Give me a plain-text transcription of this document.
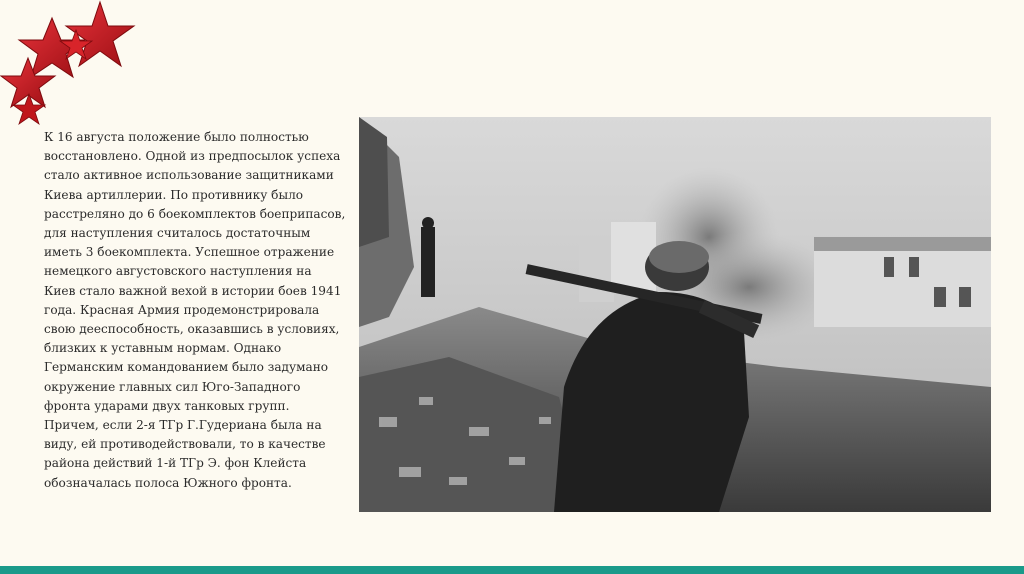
К 16 августа положение было полностью
восстановлено. Одной из предпосылок успеха
стало активное использование защитниками
Киева артиллерии. По противнику было
расстреляно до 6 боекомплектов боеприпасов,
для наступления считалось достаточным
иметь 3 боекомплекта. Успешное отражение
немецкого августовского наступления на
Киев стало важной вехой в истории боев 1941
года. Красная Армия продемонстрировала
свою дееспособность, оказавшись в условиях,
близких к уставным нормам. Однако
Германским командованием было задумано
окружение главных сил Юго-Западного
фронта ударами двух танковых групп.
Причем, если 2-я ТГр Г.Гудериана была на
виду, ей противодействовали, то в качестве
района действий 1-й ТГр Э. фон Клейста
обозначалась полоса Южного фронта.
